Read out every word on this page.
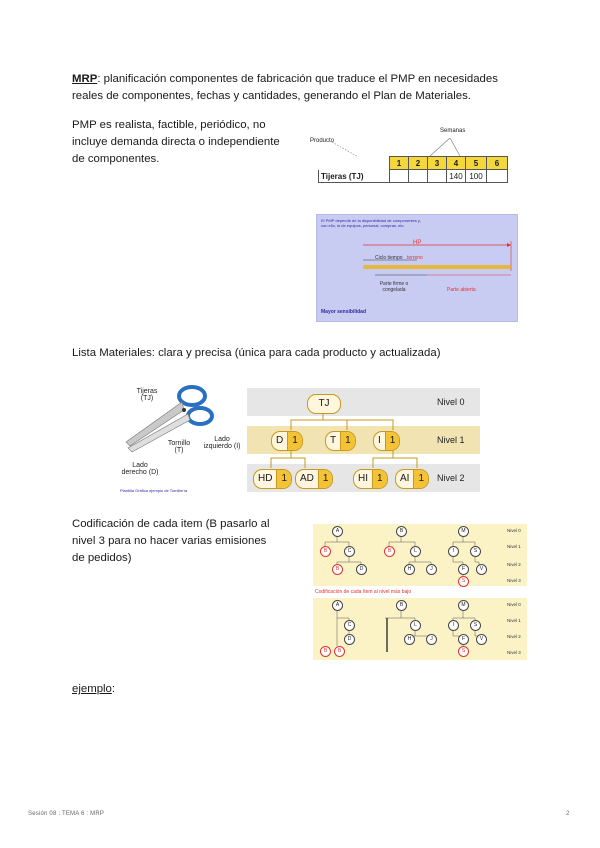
MRP: planificación componentes de fabricación que traduce el PMP en necesidades
reales de componentes, fechas y cantidades, generando el Plan de Materiales.

PMP es realista, factible, periódico, no
incluye demanda directa o independiente
de componentes.

Semanas
Producto
	1	2	3	4	5	6
Tijeras (TJ)				140	100	
El PMP depende de la disponibilidad de componentes y, con ello, la de equipos, personal, compras, etc.
HP
Ciclo tiempo terreno
Parte firme o congelada	Parte abierta
Mayor sensibilidad

Lista Materiales: clara y precisa (única para cada producto y actualizada)

Tijeras (TJ)
Tornillo (T)
Lado izquierdo (I)
Lado derecho (D)
Plantilla Gráfica ejemplo de Tornillería
TJ	Nivel 0
D 1	T 1	I 1	Nivel 1
HD 1	AD 1	HI 1	AI 1	Nivel 2

Codificación de cada item (B pasarlo al
nivel 3 para no hacer varias emisiones
de pedidos)

A	B	M
B	C	B	L	I	S
B	D	H	J	F	V
S
Nivel 0
Nivel 1
Nivel 2
Nivel 3
Codificación de cada ítem al nivel más bajo
A	B	M
C	L	I	S
D	H	J	F	V
B	B	S
Nivel 0
Nivel 1
Nivel 2
Nivel 3

ejemplo:

Sesión 08 : TEMA 6 : MRP	2
